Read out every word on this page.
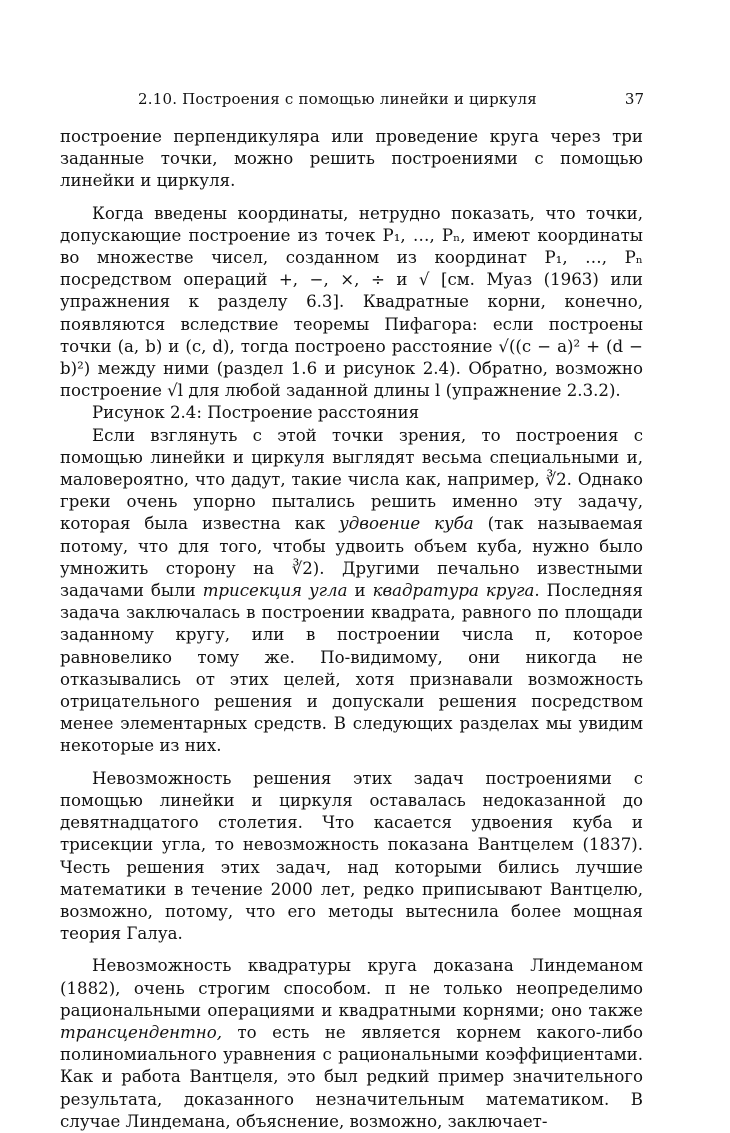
2.10. Построения с помощью линейки и циркуля	37

построение перпендикуляра или проведение круга через три заданные точки, можно решить построениями с помощью линейки и циркуля.

Когда введены координаты, нетрудно показать, что точки, допускающие построение из точек P₁, …, Pₙ, имеют координаты во множестве чисел, созданном из координат P₁, …, Pₙ посредством операций +, −, ×, ÷ и √ [см. Муаз (1963) или упражнения к разделу 6.3]. Квадратные корни, конечно, появляются вследствие теоремы Пифагора: если построены точки (a, b) и (c, d), тогда построено расстояние √((c − a)² + (d − b)²) между ними (раздел 1.6 и рисунок 2.4). Обратно, возможно построение √l для любой заданной длины l (упражнение 2.3.2).

Рисунок 2.4: Построение расстояния

Если взглянуть с этой точки зрения, то построения с помощью линейки и циркуля выглядят весьма специальными и, маловероятно, что дадут, такие числа как, например, ∛2. Однако греки очень упорно пытались решить именно эту задачу, которая была известна как удвоение куба (так называемая потому, что для того, чтобы удвоить объем куба, нужно было умножить сторону на ∛2). Другими печально известными задачами были трисекция угла и квадратура круга. Последняя задача заключалась в построении квадрата, равного по площади заданному кругу, или в построении числа π, которое равновелико тому же. По-видимому, они никогда не отказывались от этих целей, хотя признавали возможность отрицательного решения и допускали решения посредством менее элементарных средств. В следующих разделах мы увидим некоторые из них.

Невозможность решения этих задач построениями с помощью линейки и циркуля оставалась недоказанной до девятнадцатого столетия. Что касается удвоения куба и трисекции угла, то невозможность показана Вантцелем (1837). Честь решения этих задач, над которыми бились лучшие математики в течение 2000 лет, редко приписывают Вантцелю, возможно, потому, что его методы вытеснила более мощная теория Галуа.

Невозможность квадратуры круга доказана Линдеманом (1882), очень строгим способом. π не только неопределимо рациональными операциями и квадратными корнями; оно также трансцендентно, то есть не является корнем какого-либо полиномиального уравнения с рациональными коэффициентами. Как и работа Вантцеля, это был редкий пример значительного результата, доказанного незначительным математиком. В случае Линдемана, объяснение, возможно, заключает-
